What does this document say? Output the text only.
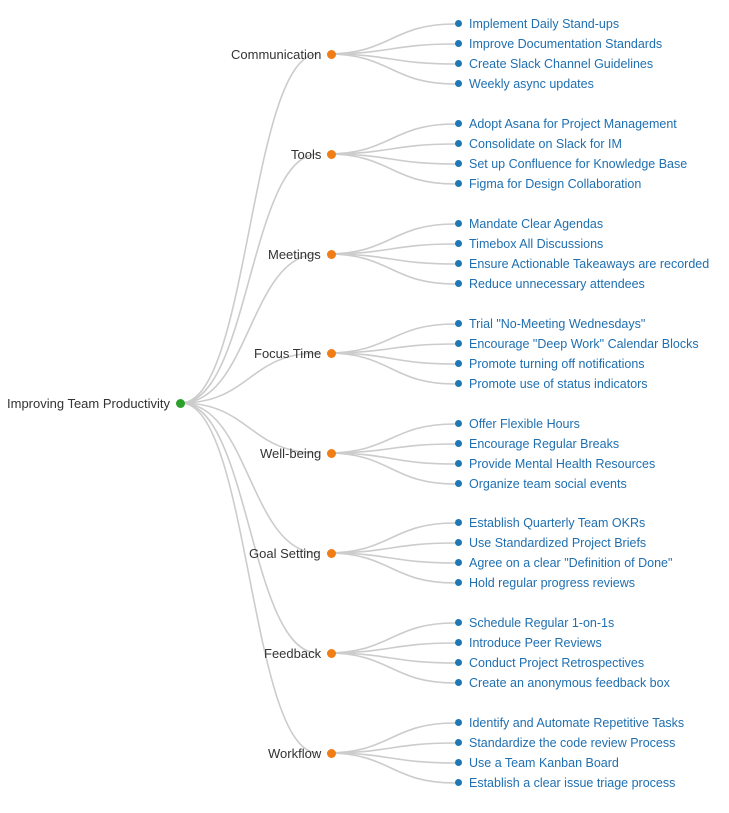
Improving Team Productivity
Communication
Implement Daily Stand-ups
Improve Documentation Standards
Create Slack Channel Guidelines
Weekly async updates
Tools
Adopt Asana for Project Management
Consolidate on Slack for IM
Set up Confluence for Knowledge Base
Figma for Design Collaboration
Meetings
Mandate Clear Agendas
Timebox All Discussions
Ensure Actionable Takeaways are recorded
Reduce unnecessary attendees
Focus Time
Trial "No-Meeting Wednesdays"
Encourage "Deep Work" Calendar Blocks
Promote turning off notifications
Promote use of status indicators
Well-being
Offer Flexible Hours
Encourage Regular Breaks
Provide Mental Health Resources
Organize team social events
Goal Setting
Establish Quarterly Team OKRs
Use Standardized Project Briefs
Agree on a clear "Definition of Done"
Hold regular progress reviews
Feedback
Schedule Regular 1-on-1s
Introduce Peer Reviews
Conduct Project Retrospectives
Create an anonymous feedback box
Workflow
Identify and Automate Repetitive Tasks
Standardize the code review Process
Use a Team Kanban Board
Establish a clear issue triage process
